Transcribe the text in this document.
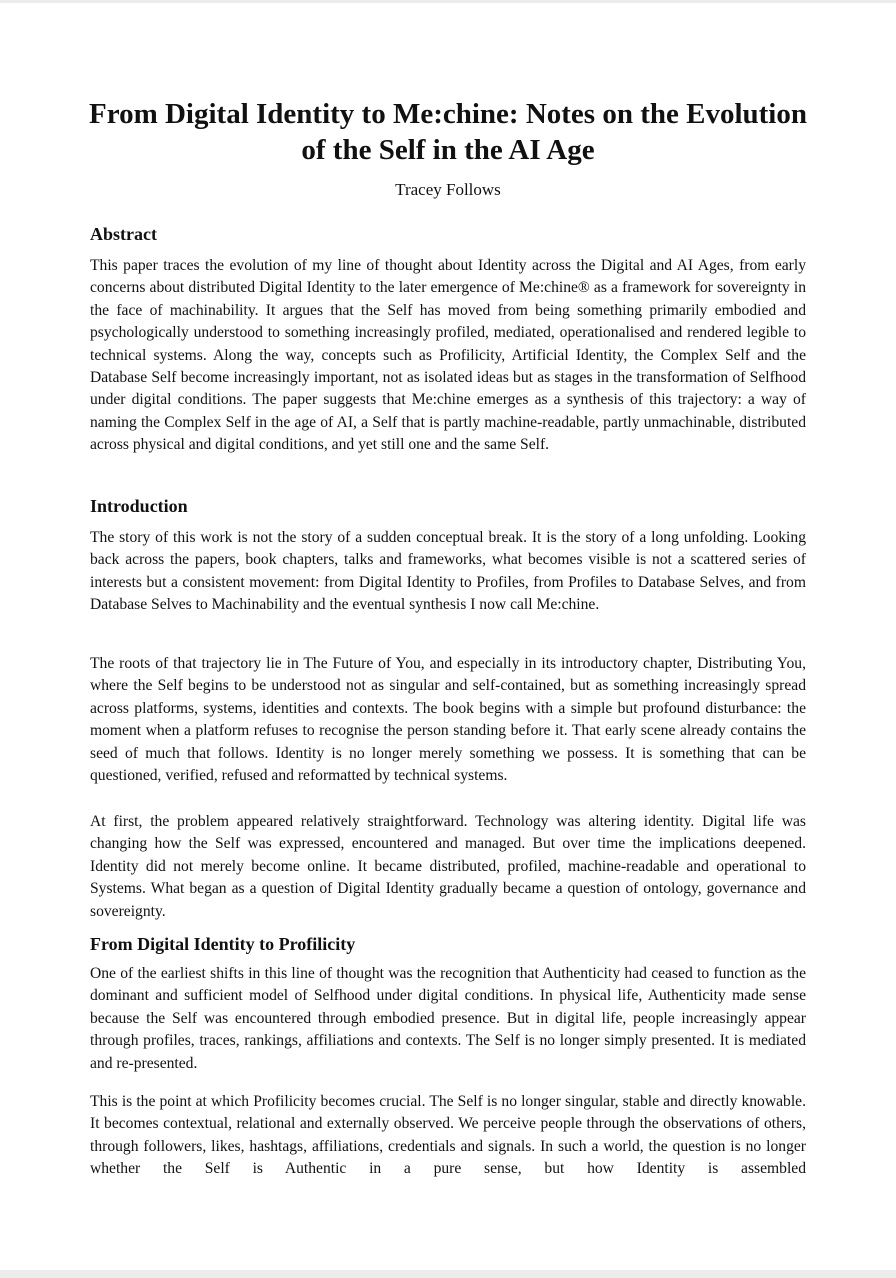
From Digital Identity to Me:chine: Notes on the Evolution of the Self in the AI Age
Tracey Follows
Abstract

This paper traces the evolution of my line of thought about Identity across the Digital and AI Ages, from early concerns about distributed Digital Identity to the later emergence of Me:chine® as a framework for sovereignty in the face of machinability. It argues that the Self has moved from being something primarily embodied and psychologically understood to something increasingly profiled, mediated, operationalised and rendered legible to technical systems. Along the way, concepts such as Profilicity, Artificial Identity, the Complex Self and the Database Self become increasingly important, not as isolated ideas but as stages in the transformation of Selfhood under digital conditions. The paper suggests that Me:chine emerges as a synthesis of this trajectory: a way of naming the Complex Self in the age of AI, a Self that is partly machine-readable, partly unmachinable, distributed across physical and digital conditions, and yet still one and the same Self.

Introduction

The story of this work is not the story of a sudden conceptual break. It is the story of a long unfolding. Looking back across the papers, book chapters, talks and frameworks, what becomes visible is not a scattered series of interests but a consistent movement: from Digital Identity to Profiles, from Profiles to Database Selves, and from Database Selves to Machinability and the eventual synthesis I now call Me:chine.

The roots of that trajectory lie in The Future of You, and especially in its introductory chapter, Distributing You, where the Self begins to be understood not as singular and self-contained, but as something increasingly spread across platforms, systems, identities and contexts. The book begins with a simple but profound disturbance: the moment when a platform refuses to recognise the person standing before it. That early scene already contains the seed of much that follows. Identity is no longer merely something we possess. It is something that can be questioned, verified, refused and reformatted by technical systems.

At first, the problem appeared relatively straightforward. Technology was altering identity. Digital life was changing how the Self was expressed, encountered and managed. But over time the implications deepened. Identity did not merely become online. It became distributed, profiled, machine-readable and operational to Systems. What began as a question of Digital Identity gradually became a question of ontology, governance and sovereignty.

From Digital Identity to Profilicity

One of the earliest shifts in this line of thought was the recognition that Authenticity had ceased to function as the dominant and sufficient model of Selfhood under digital conditions. In physical life, Authenticity made sense because the Self was encountered through embodied presence. But in digital life, people increasingly appear through profiles, traces, rankings, affiliations and contexts. The Self is no longer simply presented. It is mediated and re-presented.

This is the point at which Profilicity becomes crucial. The Self is no longer singular, stable and directly knowable. It becomes contextual, relational and externally observed. We perceive people through the observations of others, through followers, likes, hashtags, affiliations, credentials and signals. In such a world, the question is no longer whether the Self is Authentic in a pure sense, but how Identity is assembled
